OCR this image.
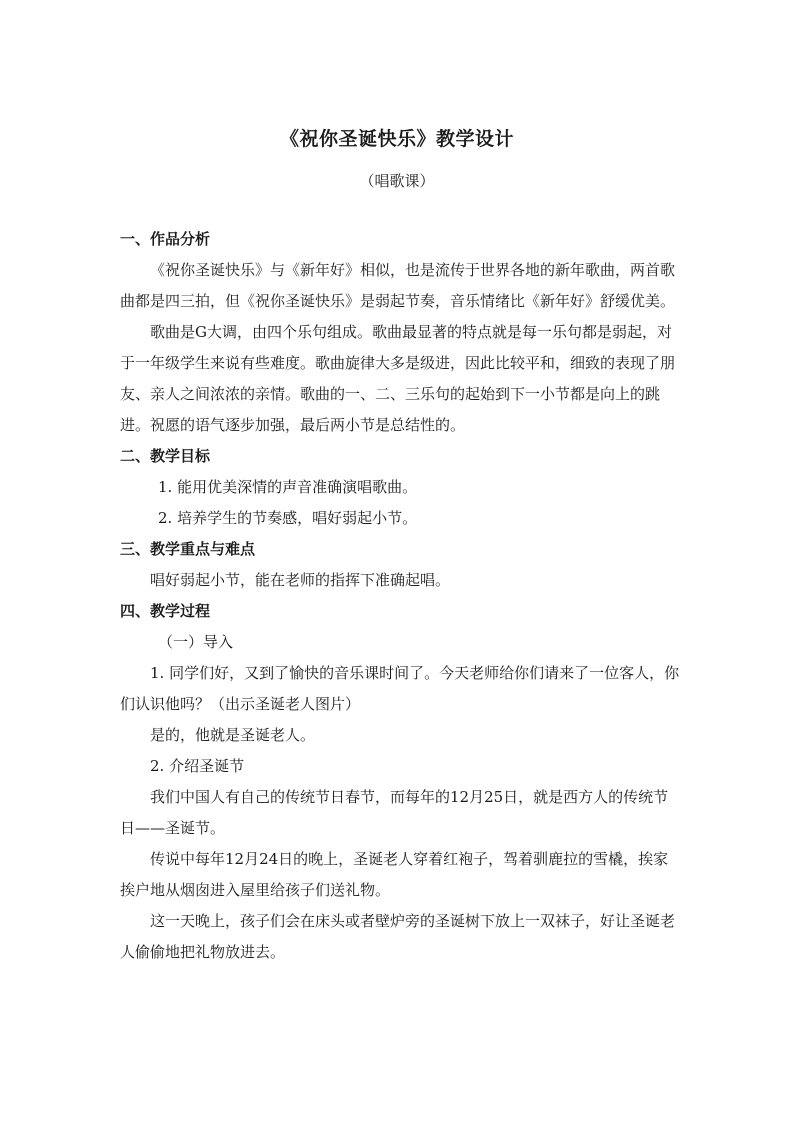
《祝你圣诞快乐》教学设计
（唱歌课）

一、作品分析

《祝你圣诞快乐》与《新年好》相似，也是流传于世界各地的新年歌曲，两首歌曲都是四三拍，但《祝你圣诞快乐》是弱起节奏，音乐情绪比《新年好》舒缓优美。

歌曲是G大调，由四个乐句组成。歌曲最显著的特点就是每一乐句都是弱起，对于一年级学生来说有些难度。歌曲旋律大多是级进，因此比较平和，细致的表现了朋友、亲人之间浓浓的亲情。歌曲的一、二、三乐句的起始到下一小节都是向上的跳进。祝愿的语气逐步加强，最后两小节是总结性的。

二、教学目标

1. 能用优美深情的声音准确演唱歌曲。

2. 培养学生的节奏感，唱好弱起小节。

三、教学重点与难点

唱好弱起小节，能在老师的指挥下准确起唱。

四、教学过程

（一）导入

1. 同学们好，又到了愉快的音乐课时间了。今天老师给你们请来了一位客人，你们认识他吗？（出示圣诞老人图片）

是的，他就是圣诞老人。

2. 介绍圣诞节

我们中国人有自己的传统节日春节，而每年的12月25日，就是西方人的传统节日——圣诞节。

传说中每年12月24日的晚上，圣诞老人穿着红袍子，驾着驯鹿拉的雪橇，挨家挨户地从烟囱进入屋里给孩子们送礼物。

这一天晚上，孩子们会在床头或者壁炉旁的圣诞树下放上一双袜子，好让圣诞老人偷偷地把礼物放进去。
